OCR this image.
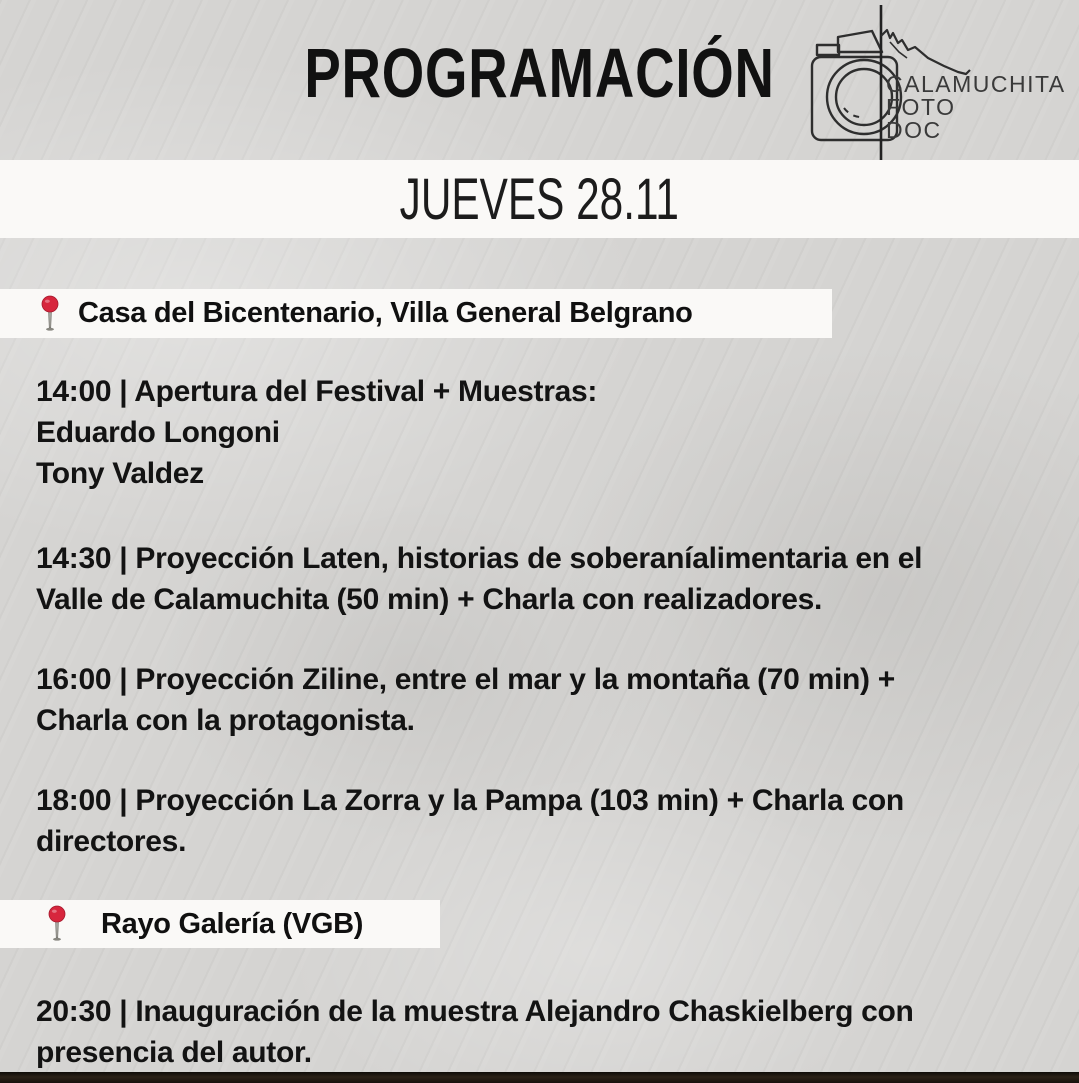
PROGRAMACIÓN	CALAMUCHITA
FOTO
DOC
JUEVES 28.11
Casa del Bicentenario, Villa General Belgrano
14:00 | Apertura del Festival + Muestras:
Eduardo Longoni
Tony Valdez
14:30 | Proyección Laten, historias de soberaníalimentaria en el
Valle de Calamuchita (50 min) + Charla con realizadores.
16:00 | Proyección Ziline, entre el mar y la montaña (70 min) +
Charla con la protagonista.
18:00 | Proyección La Zorra y la Pampa (103 min) + Charla con
directores.
Rayo Galería (VGB)
20:30 | Inauguración de la muestra Alejandro Chaskielberg con
presencia del autor.
